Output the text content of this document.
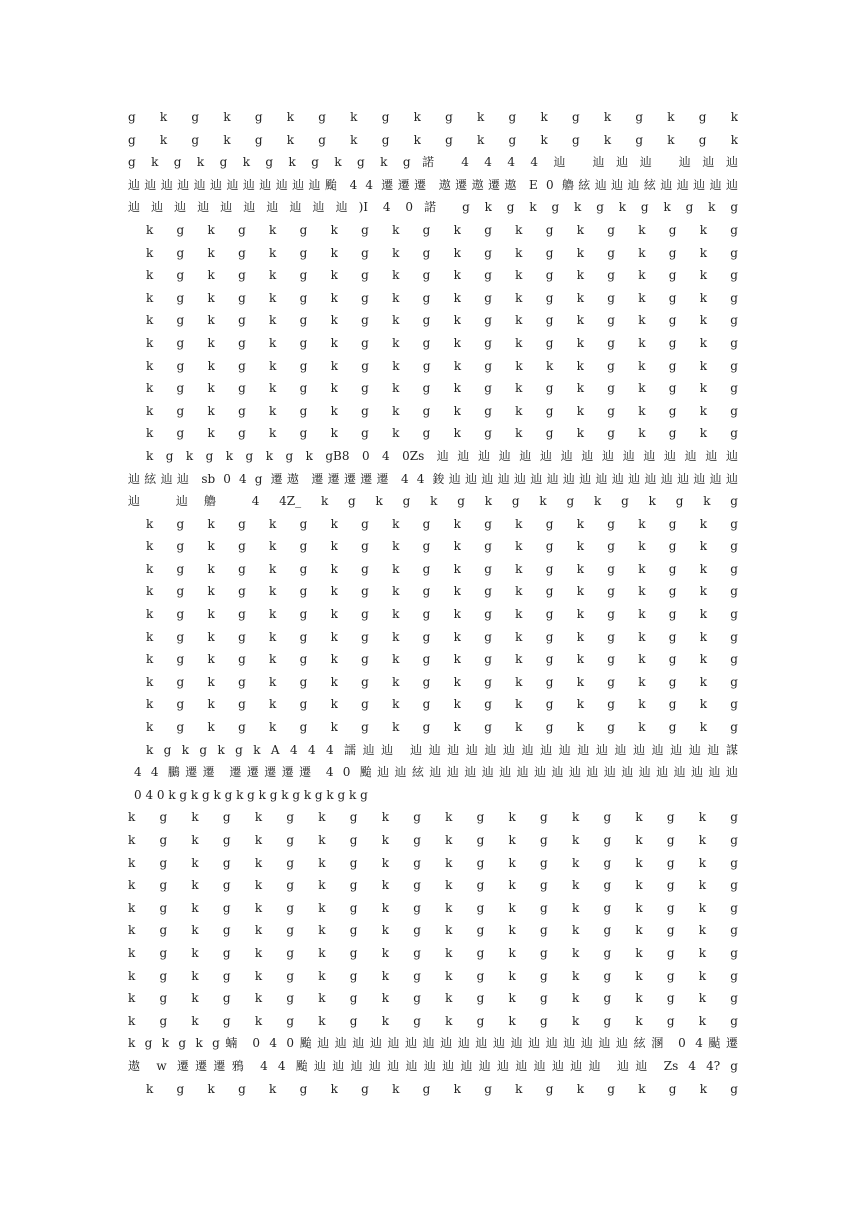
g k g k g k g k g k g k g k g k g k g k
g k g k g k g k g k g k g k g k g k g k
g k g k g k g k g k g k g諾 4 4 4 4 辿 辿辿辿 辿辿辿
辿辿辿辿辿辿辿辿辿辿辿辿颱 4 4 遷遷遷 遨遷遨遷遨 E 0 艪絃辿辿辿絃辿辿辿辿辿
辿辿辿辿辿辿辿辿辿辿)I 4 0諾 g k g k g k g k g k g k g
k g k g k g k g k g k g k g k g k g k g
k g k g k g k g k g k g k g k g k g k g
k g k g k g k g k g k g k g k g k g k g
k g k g k g k g k g k g k g k g k g k g
k g k g k g k g k g k g k g k g k g k g
k g k g k g k g k g k g k g k g k g k g
k g k g k g k g k g k g k k k g k g k g
k g k g k g k g k g k g k g k g k g k g
k g k g k g k g k g k g k g k g k g k g
k g k g k g k g k g k g k g k g k g k g
k g k g k g k g k gB8 0 4 0Zs 辿辿辿辿辿辿辿辿辿辿辿辿辿辿辿
辿絃辿辿 sb 0 4 g 遷遨 遷遷遷遷遷 4 4 鋑辿辿辿辿辿辿辿辿辿辿辿辿辿辿辿辿辿辿
辿 辿艪 4 4Z_ k g k g k g k g k g k g k g k g
k g k g k g k g k g k g k g k g k g k g
k g k g k g k g k g k g k g k g k g k g
k g k g k g k g k g k g k g k g k g k g
k g k g k g k g k g k g k g k g k g k g
k g k g k g k g k g k g k g k g k g k g
k g k g k g k g k g k g k g k g k g k g
k g k g k g k g k g k g k g k g k g k g
k g k g k g k g k g k g k g k g k g k g
k g k g k g k g k g k g k g k g k g k g
k g k g k g k g k g k g k g k g k g k g
k g k g k g k A 4 4 4 譳辿辿 辿辿辿辿辿辿辿辿辿辿辿辿辿辿辿辿辿謀
4 4 鵩遷遷 遷遷遷遷遷 4 0 颱辿辿絃辿辿辿辿辿辿辿辿辿辿辿辿辿辿辿辿辿辿
0 4 0 k g k g k g k g k g k g k g k g k g
k g k g k g k g k g k g k g k g k g k g
k g k g k g k g k g k g k g k g k g k g
k g k g k g k g k g k g k g k g k g k g
k g k g k g k g k g k g k g k g k g k g
k g k g k g k g k g k g k g k g k g k g
k g k g k g k g k g k g k g k g k g k g
k g k g k g k g k g k g k g k g k g k g
k g k g k g k g k g k g k g k g k g k g
k g k g k g k g k g k g k g k g k g k g
k g k g k g k g k g k g k g k g k g k g
k g k g k g蝻 0 4 0颱辿辿辿辿辿辿辿辿辿辿辿辿辿辿辿辿辿辿絃溷 0 4颭遷
遨 w 遷遷遷鴉 4 4 颱辿辿辿辿辿辿辿辿辿辿辿辿辿辿辿辿 辿辿 Zs 4 4? g
k g k g k g k g k g k g k g k g k g k g
